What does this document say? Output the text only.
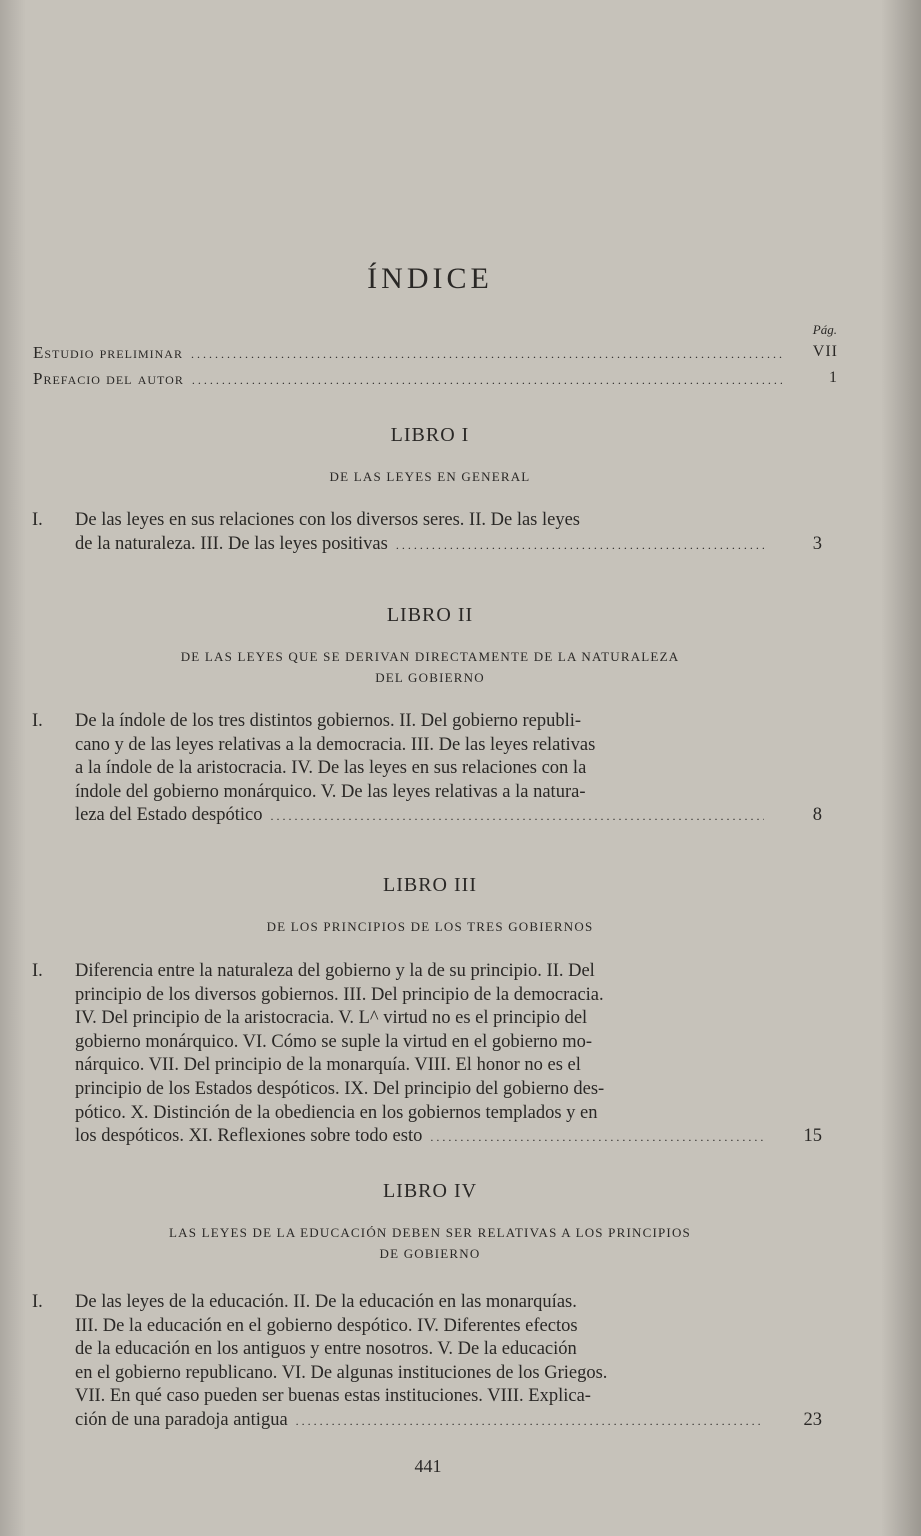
ÍNDICE
Pág.
Estudio preliminar .....	VII
Prefacio del autor .....	1
LIBRO I
DE LAS LEYES EN GENERAL
I. De las leyes en sus relaciones con los diversos seres. II. De las leyes
de la naturaleza. III. De las leyes positivas .....	3
LIBRO II
DE LAS LEYES QUE SE DERIVAN DIRECTAMENTE DE LA NATURALEZA
DEL GOBIERNO
I. De la índole de los tres distintos gobiernos. II. Del gobierno republi-
cano y de las leyes relativas a la democracia. III. De las leyes relativas
a la índole de la aristocracia. IV. De las leyes en sus relaciones con la
índole del gobierno monárquico. V. De las leyes relativas a la natura-
leza del Estado despótico .....	8
LIBRO III
DE LOS PRINCIPIOS DE LOS TRES GOBIERNOS
I. Diferencia entre la naturaleza del gobierno y la de su principio. II. Del
principio de los diversos gobiernos. III. Del principio de la democracia.
IV. Del principio de la aristocracia. V. L^ virtud no es el principio del
gobierno monárquico. VI. Cómo se suple la virtud en el gobierno mo-
nárquico. VII. Del principio de la monarquía. VIII. El honor no es el
principio de los Estados despóticos. IX. Del principio del gobierno des-
pótico. X. Distinción de la obediencia en los gobiernos templados y en
los despóticos. XI. Reflexiones sobre todo esto .....	15
LIBRO IV
LAS LEYES DE LA EDUCACIÓN DEBEN SER RELATIVAS A LOS PRINCIPIOS
DE GOBIERNO
I. De las leyes de la educación. II. De la educación en las monarquías.
III. De la educación en el gobierno despótico. IV. Diferentes efectos
de la educación en los antiguos y entre nosotros. V. De la educación
en el gobierno republicano. VI. De algunas instituciones de los Griegos.
VII. En qué caso pueden ser buenas estas instituciones. VIII. Explica-
ción de una paradoja antigua .....	23
441
